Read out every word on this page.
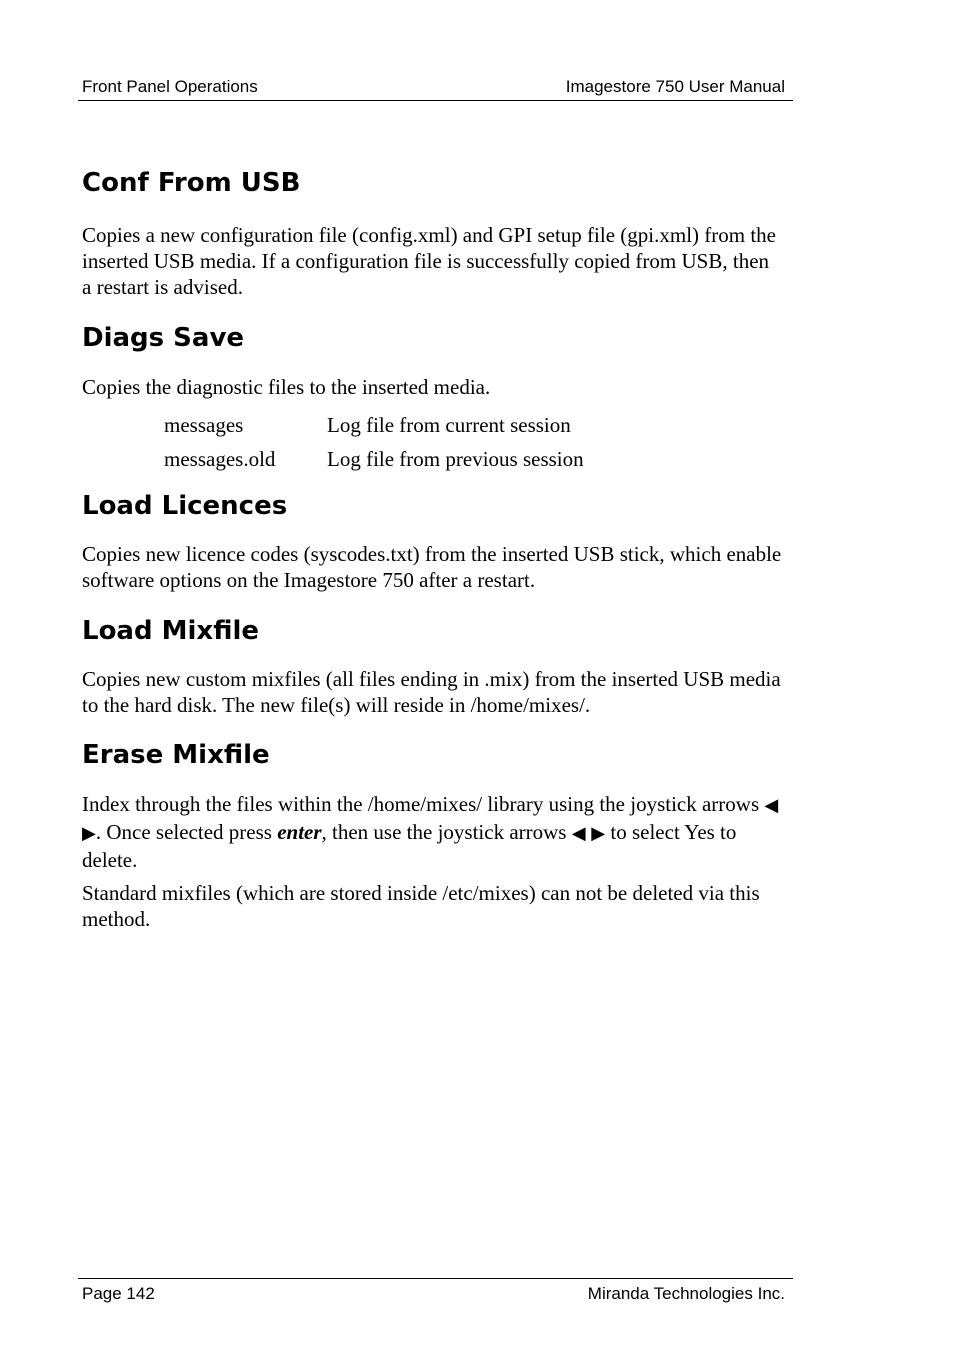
Front Panel Operations	Imagestore 750 User Manual
Conf From USB

Copies a new configuration file (config.xml) and GPI setup file (gpi.xml) from the inserted USB media. If a configuration file is successfully copied from USB, then a restart is advised.

Diags Save

Copies the diagnostic files to the inserted media.

messages	Log file from current session
messages.old	Log file from previous session
Load Licences

Copies new licence codes (syscodes.txt) from the inserted USB stick, which enable software options on the Imagestore 750 after a restart.

Load Mixfile

Copies new custom mixfiles (all files ending in .mix) from the inserted USB media to the hard disk. The new file(s) will reside in /home/mixes/.

Erase Mixfile

Index through the files within the /home/mixes/ library using the joystick arrows ◀ ▶. Once selected press enter, then use the joystick arrows ◀ ▶ to select Yes to delete.

Standard mixfiles (which are stored inside /etc/mixes) can not be deleted via this method.

Page 142	Miranda Technologies Inc.
